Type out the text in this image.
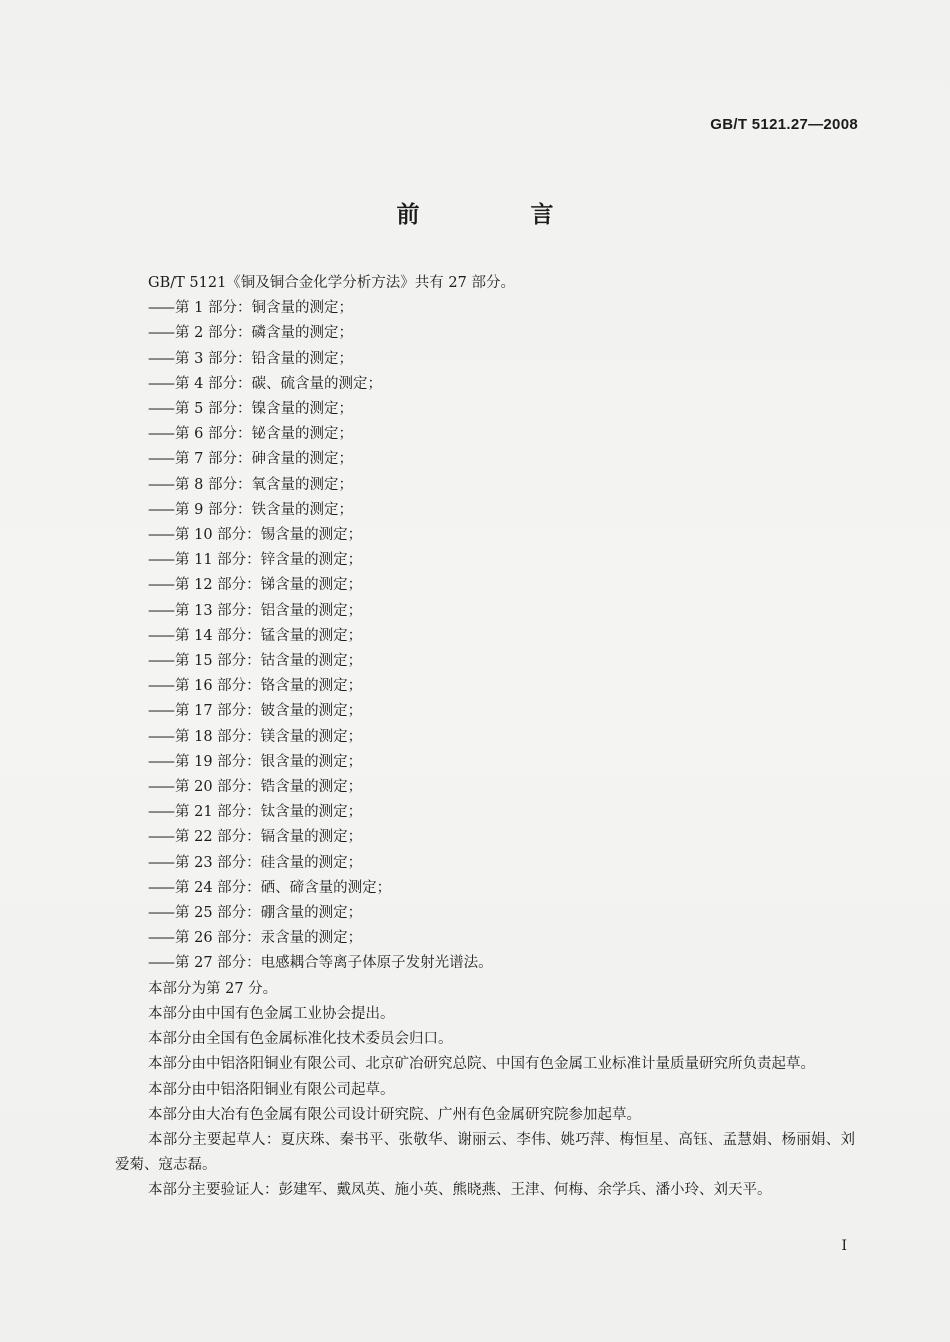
GB/T 5121.27—2008
前　言
GB/T 5121《铜及铜合金化学分析方法》共有 27 部分。
—— 第 1 部分：铜含量的测定；
—— 第 2 部分：磷含量的测定；
—— 第 3 部分：铅含量的测定；
—— 第 4 部分：碳、硫含量的测定；
—— 第 5 部分：镍含量的测定；
—— 第 6 部分：铋含量的测定；
—— 第 7 部分：砷含量的测定；
—— 第 8 部分：氧含量的测定；
—— 第 9 部分：铁含量的测定；
—— 第 10 部分：锡含量的测定；
—— 第 11 部分：锌含量的测定；
—— 第 12 部分：锑含量的测定；
—— 第 13 部分：铝含量的测定；
—— 第 14 部分：锰含量的测定；
—— 第 15 部分：钴含量的测定；
—— 第 16 部分：铬含量的测定；
—— 第 17 部分：铍含量的测定；
—— 第 18 部分：镁含量的测定；
—— 第 19 部分：银含量的测定；
—— 第 20 部分：锆含量的测定；
—— 第 21 部分：钛含量的测定；
—— 第 22 部分：镉含量的测定；
—— 第 23 部分：硅含量的测定；
—— 第 24 部分：硒、碲含量的测定；
—— 第 25 部分：硼含量的测定；
—— 第 26 部分：汞含量的测定；
—— 第 27 部分：电感耦合等离子体原子发射光谱法。

本部分为第 27 分。

本部分由中国有色金属工业协会提出。

本部分由全国有色金属标准化技术委员会归口。

本部分由中铝洛阳铜业有限公司、北京矿冶研究总院、中国有色金属工业标准计量质量研究所负责起草。

本部分由中铝洛阳铜业有限公司起草。

本部分由大冶有色金属有限公司设计研究院、广州有色金属研究院参加起草。

本部分主要起草人：夏庆珠、秦书平、张敬华、谢丽云、李伟、姚巧萍、梅恒星、高钰、孟慧娟、杨丽娟、刘爱菊、寇志磊。

本部分主要验证人：彭建军、戴凤英、施小英、熊晓燕、王津、何梅、余学兵、潘小玲、刘天平。

I
